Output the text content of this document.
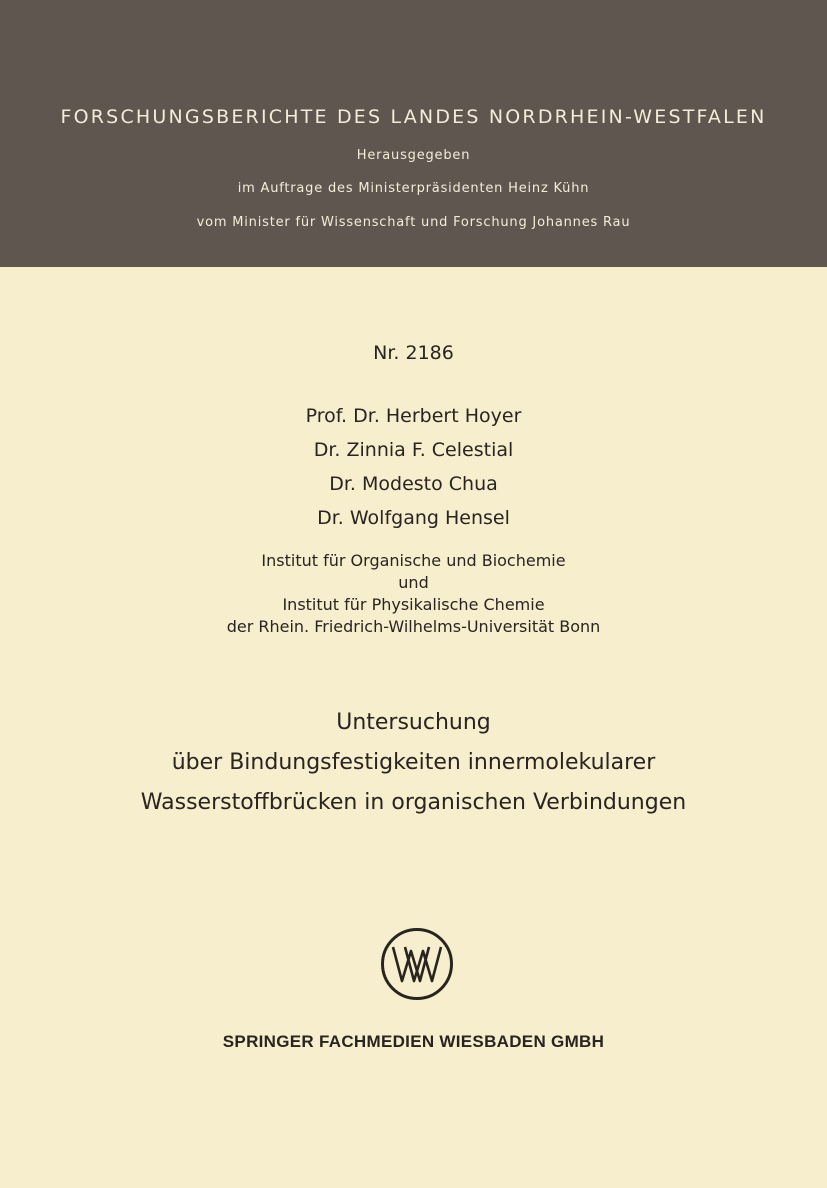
FORSCHUNGSBERICHTE DES LANDES NORDRHEIN-WESTFALEN
Herausgegeben
im Auftrage des Ministerpräsidenten Heinz Kühn
vom Minister für Wissenschaft und Forschung Johannes Rau
Nr. 2186
Prof. Dr. Herbert Hoyer
Dr. Zinnia F. Celestial
Dr. Modesto Chua
Dr. Wolfgang Hensel
Institut für Organische und Biochemie
und
Institut für Physikalische Chemie
der Rhein. Friedrich-Wilhelms-Universität Bonn
Untersuchung
über Bindungsfestigkeiten innermolekularer
Wasserstoffbrücken in organischen Verbindungen
SPRINGER FACHMEDIEN WIESBADEN GMBH
